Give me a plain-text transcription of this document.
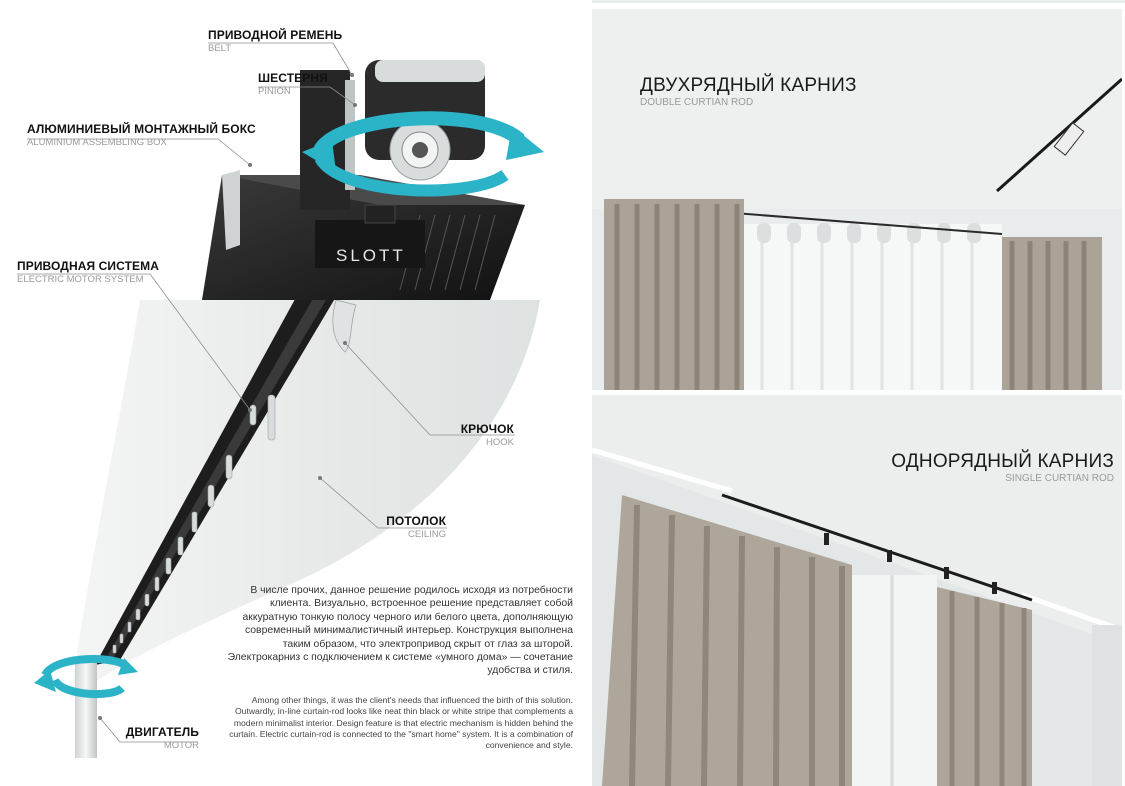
SLOTT
ПРИВОДНОЙ РЕМЕНЬ
BELT
ШЕСТЕРНЯ
PINION
АЛЮМИНИЕВЫЙ МОНТАЖНЫЙ БОКС
ALUMINIUM ASSEMBLING BOX
ПРИВОДНАЯ СИСТЕМА
ELECTRIC MOTOR SYSTEM
КРЮЧОК
HOOK
ПОТОЛОК
CEILING
ДВИГАТЕЛЬ
MOTOR
В числе прочих, данное решение родилось исходя из потребности клиента. Визуально, встроенное решение представляет собой аккуратную тонкую полосу черного или белого цвета, дополняющую современный минималистичный интерьер. Конструкция выполнена таким образом, что электропривод скрыт от глаз за шторой. Электрокарниз с подключением к системе «умного дома» — сочетание удобства и стиля.
Among other things, it was the client's needs that influenced the birth of this solution. Outwardly, in-line curtain-rod looks like neat thin black or white stripe that complements a modern minimalist interior. Design feature is that electric mechanism is hidden behind the curtain. Electric curtain-rod is connected to the "smart home" system. It is a combination of convenience and style.
ДВУХРЯДНЫЙ КАРНИЗ
DOUBLE CURTIAN ROD
ОДНОРЯДНЫЙ КАРНИЗ
SINGLE CURTIAN ROD
